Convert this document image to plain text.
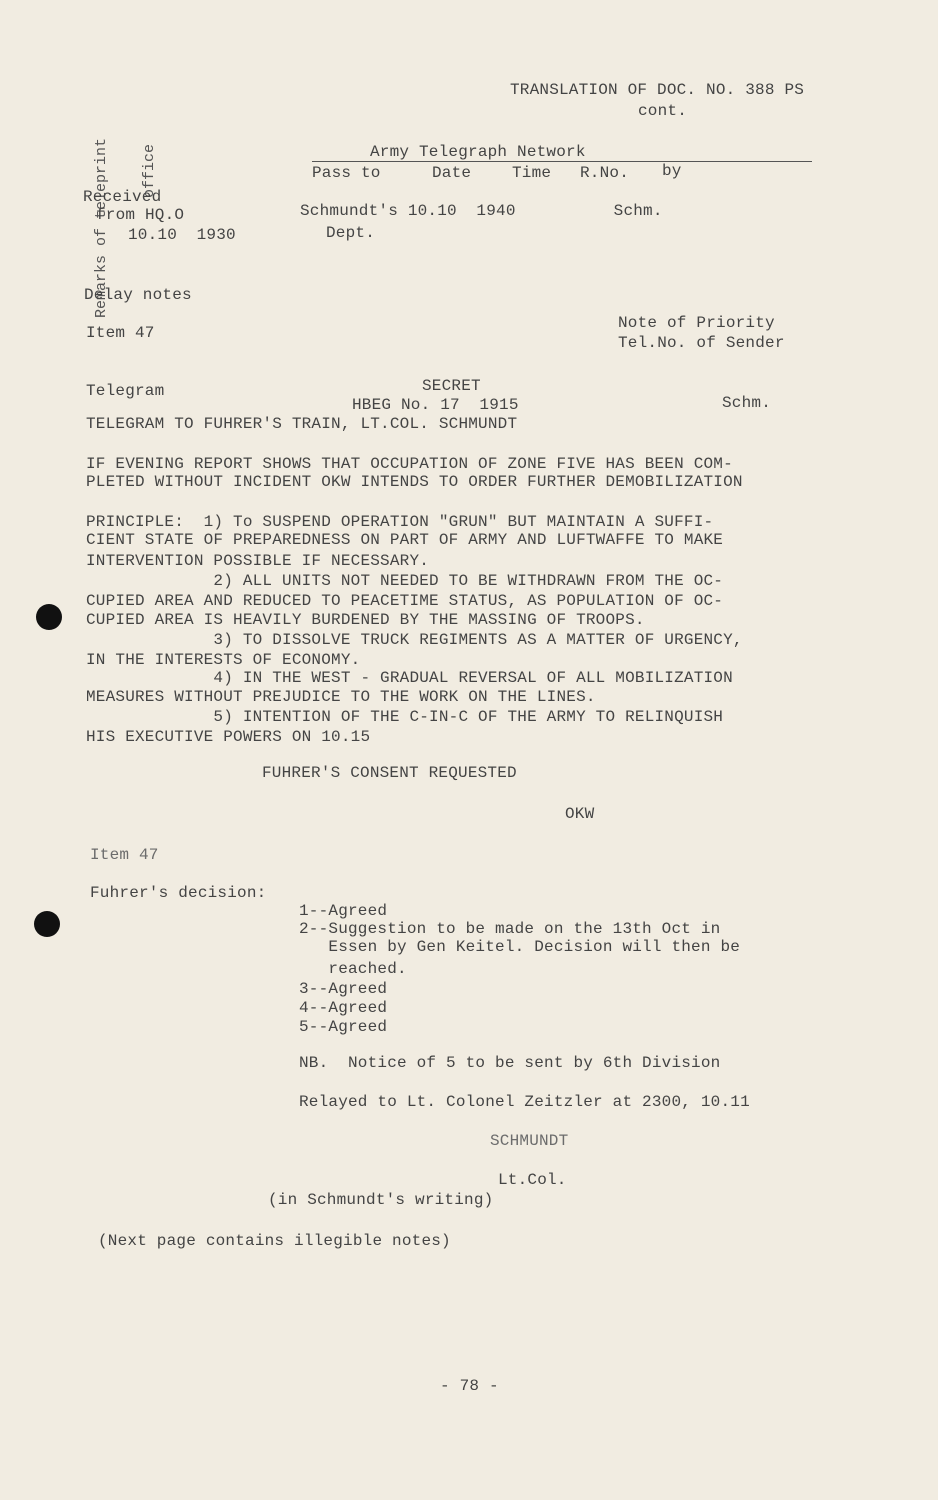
TRANSLATION OF DOC. NO. 388 PS
cont.

Remarks of teleprint

office

	Army Telegraph Network
Pass to	Date	Time R.No. by
Schmundt's 10.10  1940          Schm.
Dept.
Received
from HQ.O
10.10  1930
Delay notes
Item 47
Note of Priority
Tel.No. of Sender
Telegram	SECRET
HBEG No. 17  1915	Schm.
TELEGRAM TO FUHRER'S TRAIN, LT.COL. SCHMUNDT
IF EVENING REPORT SHOWS THAT OCCUPATION OF ZONE FIVE HAS BEEN COM-
PLETED WITHOUT INCIDENT OKW INTENDS TO ORDER FURTHER DEMOBILIZATION
PRINCIPLE:  1) To SUSPEND OPERATION "GRUN" BUT MAINTAIN A SUFFI-
CIENT STATE OF PREPAREDNESS ON PART OF ARMY AND LUFTWAFFE TO MAKE
INTERVENTION POSSIBLE IF NECESSARY.
2) ALL UNITS NOT NEEDED TO BE WITHDRAWN FROM THE OC-
CUPIED AREA AND REDUCED TO PEACETIME STATUS, AS POPULATION OF OC-
CUPIED AREA IS HEAVILY BURDENED BY THE MASSING OF TROOPS.
3) TO DISSOLVE TRUCK REGIMENTS AS A MATTER OF URGENCY,
IN THE INTERESTS OF ECONOMY.
4) IN THE WEST - GRADUAL REVERSAL OF ALL MOBILIZATION
MEASURES WITHOUT PREJUDICE TO THE WORK ON THE LINES.
5) INTENTION OF THE C-IN-C OF THE ARMY TO RELINQUISH
HIS EXECUTIVE POWERS ON 10.15
FUHRER'S CONSENT REQUESTED
OKW
Item 47
Fuhrer's decision:
1--Agreed
2--Suggestion to be made on the 13th Oct in
Essen by Gen Keitel. Decision will then be
reached.
3--Agreed
4--Agreed
5--Agreed
NB.  Notice of 5 to be sent by 6th Division
Relayed to Lt. Colonel Zeitzler at 2300, 10.11
SCHMUNDT
Lt.Col.
(in Schmundt's writing)
(Next page contains illegible notes)
- 78 -
